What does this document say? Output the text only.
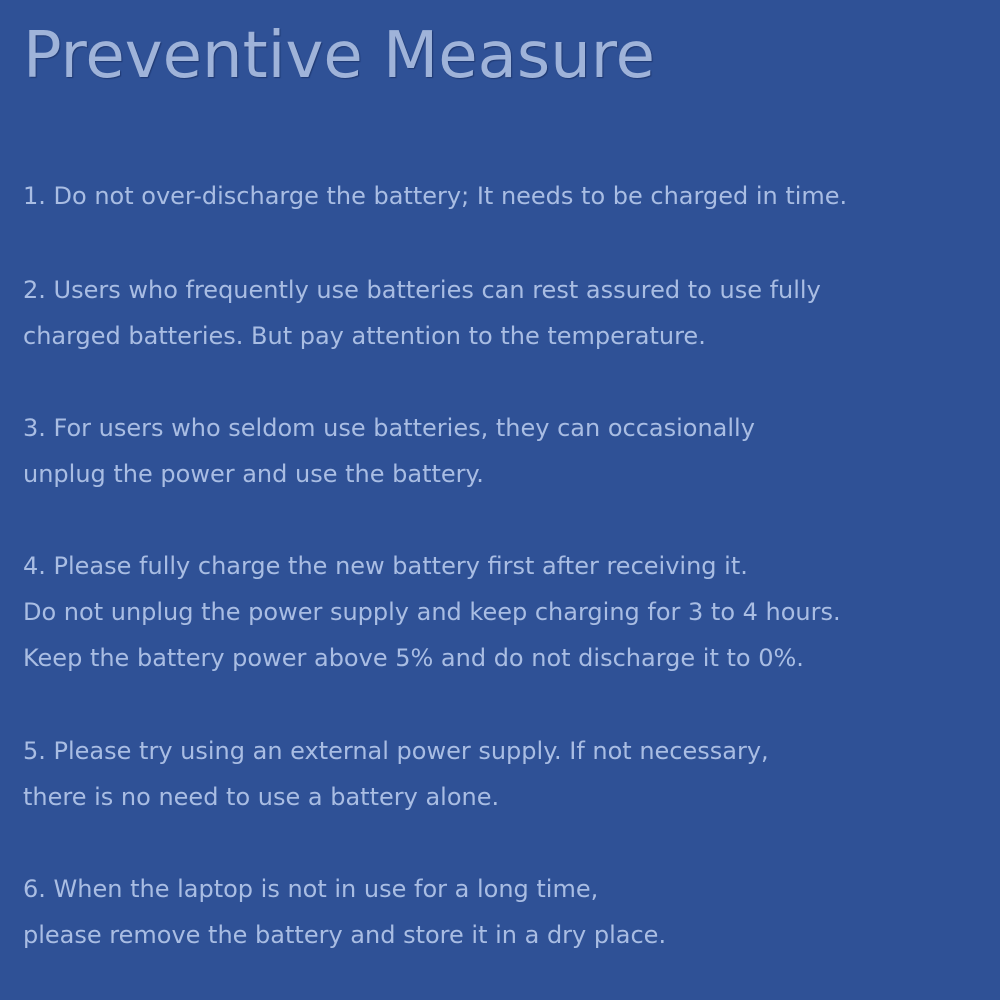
Preventive Measure
1. Do not over-discharge the battery; It needs to be charged in time.
2. Users who frequently use batteries can rest assured to use fully
charged batteries. But pay attention to the temperature.
3. For users who seldom use batteries, they can occasionally
unplug the power and use the battery.
4. Please fully charge the new battery first after receiving it.
Do not unplug the power supply and keep charging for 3 to 4 hours.
Keep the battery power above 5% and do not discharge it to 0%.
5. Please try using an external power supply. If not necessary,
there is no need to use a battery alone.
6. When the laptop is not in use for a long time,
please remove the battery and store it in a dry place.
